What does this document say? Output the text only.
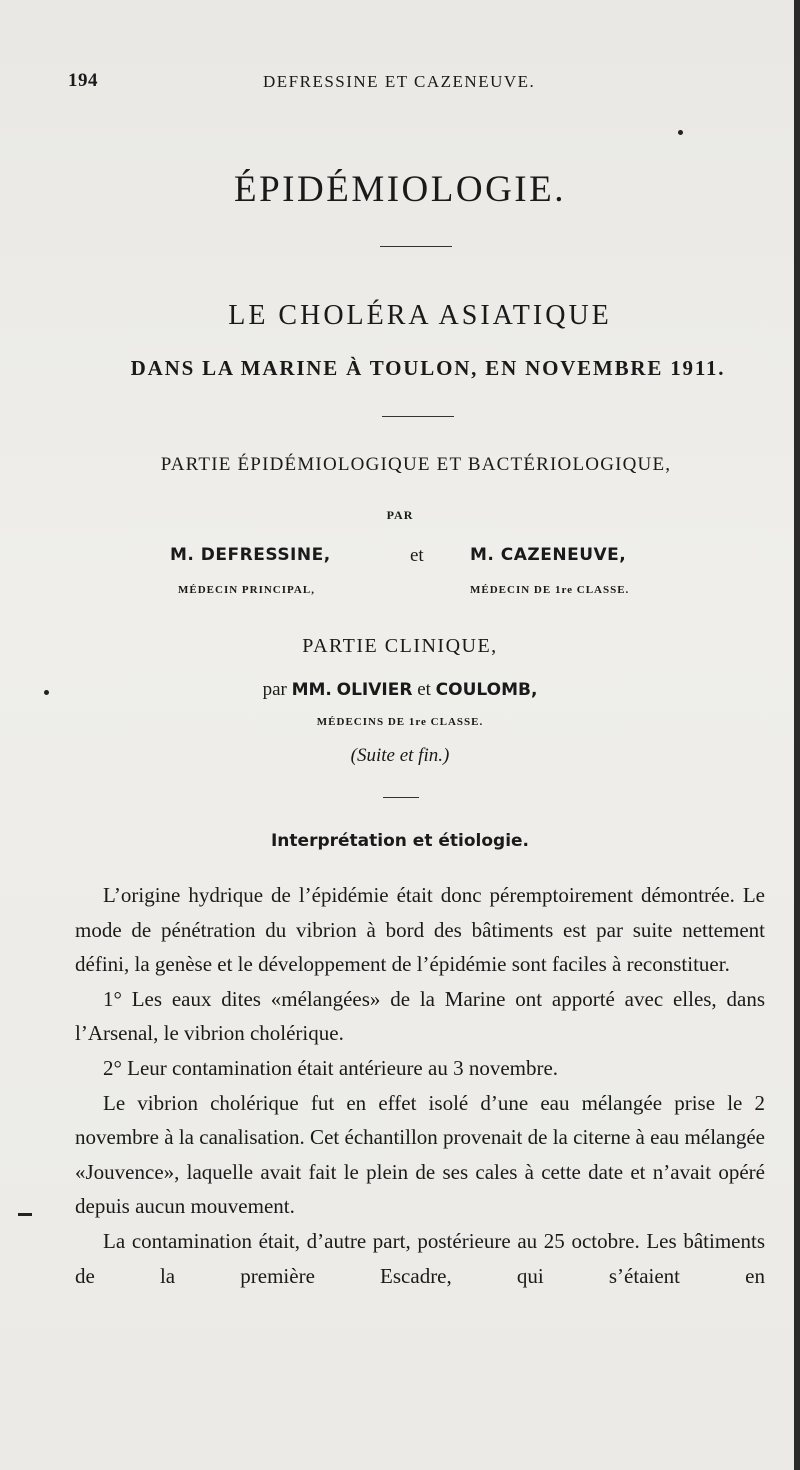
194	DEFRESSINE ET CAZENEUVE.
ÉPIDÉMIOLOGIE.
LE CHOLÉRA ASIATIQUE
DANS LA MARINE À TOULON, EN NOVEMBRE 1911.
PARTIE ÉPIDÉMIOLOGIQUE ET BACTÉRIOLOGIQUE,
PAR
M. DEFRESSINE,	et	M. CAZENEUVE,
MÉDECIN PRINCIPAL,	MÉDECIN DE 1re CLASSE.
PARTIE CLINIQUE,
par MM. OLIVIER et COULOMB,
MÉDECINS DE 1re CLASSE.
(Suite et fin.)
Interprétation et étiologie.

L’origine hydrique de l’épidémie était donc péremptoirement démontrée. Le mode de pénétration du vibrion à bord des bâtiments est par suite nettement défini, la genèse et le développement de l’épidémie sont faciles à reconstituer.

1° Les eaux dites «mélangées» de la Marine ont apporté avec elles, dans l’Arsenal, le vibrion cholérique.

2° Leur contamination était antérieure au 3 novembre.

Le vibrion cholérique fut en effet isolé d’une eau mélangée prise le 2 novembre à la canalisation. Cet échantillon provenait de la citerne à eau mélangée «Jouvence», laquelle avait fait le plein de ses cales à cette date et n’avait opéré depuis aucun mouvement.

La contamination était, d’autre part, postérieure au 25 octobre. Les bâtiments de la première Escadre, qui s’étaient en
